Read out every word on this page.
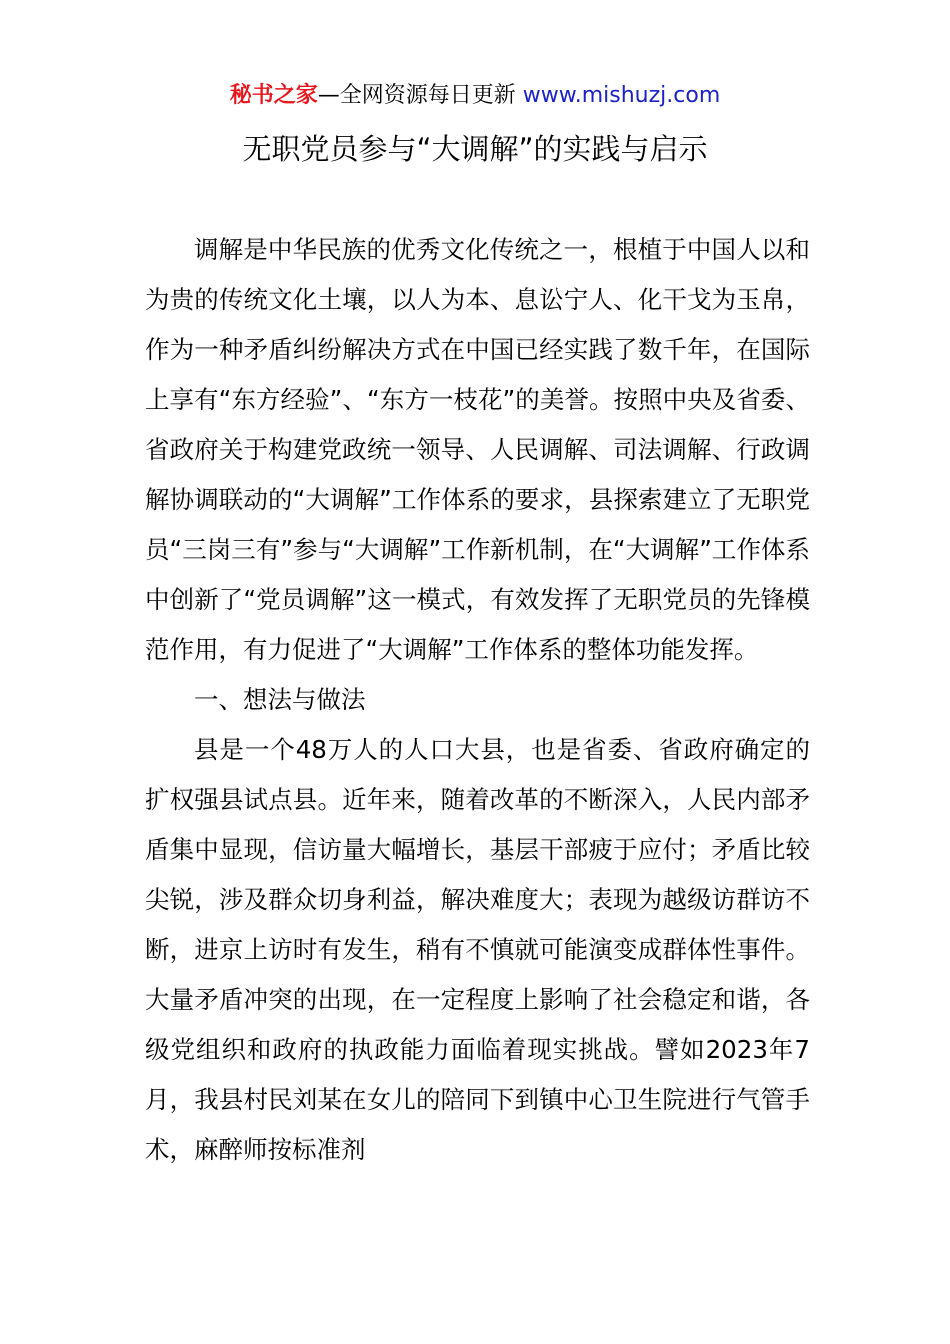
秘书之家—全网资源每日更新 www.mishuzj.com
无职党员参与“大调解”的实践与启示

调解是中华民族的优秀文化传统之一，根植于中国人以和为贵的传统文化土壤，以人为本、息讼宁人、化干戈为玉帛，作为一种矛盾纠纷解决方式在中国已经实践了数千年，在国际上享有“东方经验”、“东方一枝花”的美誉。按照中央及省委、省政府关于构建党政统一领导、人民调解、司法调解、行政调解协调联动的“大调解”工作体系的要求，县探索建立了无职党员“三岗三有”参与“大调解”工作新机制，在“大调解”工作体系中创新了“党员调解”这一模式，有效发挥了无职党员的先锋模范作用，有力促进了“大调解”工作体系的整体功能发挥。

一、想法与做法

县是一个48万人的人口大县，也是省委、省政府确定的扩权强县试点县。近年来，随着改革的不断深入，人民内部矛盾集中显现，信访量大幅增长，基层干部疲于应付；矛盾比较尖锐，涉及群众切身利益，解决难度大；表现为越级访群访不断，进京上访时有发生，稍有不慎就可能演变成群体性事件。大量矛盾冲突的出现，在一定程度上影响了社会稳定和谐，各级党组织和政府的执政能力面临着现实挑战。譬如2023年7月，我县村民刘某在女儿的陪同下到镇中心卫生院进行气管手术，麻醉师按标准剂
